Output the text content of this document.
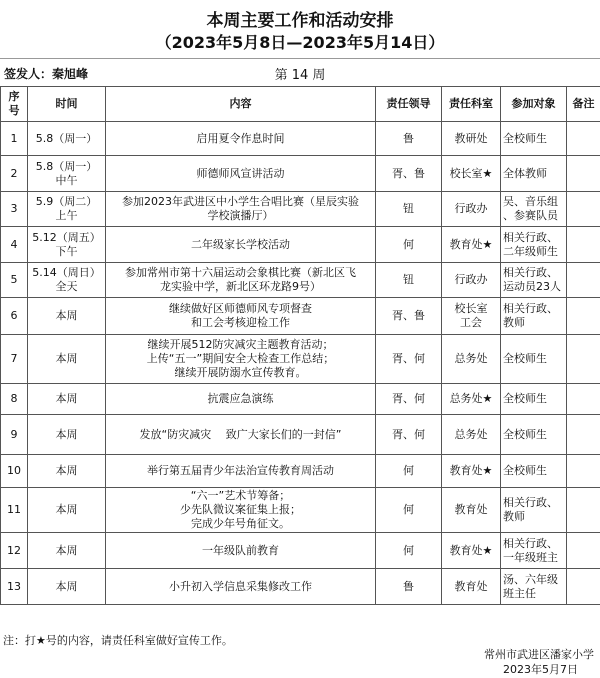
本周主要工作和活动安排
（2023年5月8日—2023年5月14日）
第 14 周
签发人：秦旭峰
序 号	时间	内容	责任领导	责任科室	参加对象	备注
1	5.8（周一）	启用夏令作息时间	鲁	教研处	全校师生	
2	5.8（周一）
中午	师德师风宣讲活动	胥、鲁	校长室★	全体教师	
3	5.9（周二）
上午	参加2023年武进区中小学生合唱比赛（星辰实验
学校演播厅）	钮	行政办	吴、音乐组
、参赛队员	
4	5.12（周五）
下午	二年级家长学校活动	何	教育处★	相关行政、
二年级师生	
5	5.14（周日）
全天	参加常州市第十六届运动会象棋比赛（新北区飞
龙实验中学，新北区环龙路9号）	钮	行政办	相关行政、
运动员23人	
6	本周	继续做好区师德师风专项督查
和工会考核迎检工作	胥、鲁	校长室
工会	相关行政、
教师	
7	本周	继续开展512防灾减灾主题教育活动；
上传“五一”期间安全大检查工作总结；
继续开展防溺水宣传教育。	胥、何	总务处	全校师生	
8	本周	抗震应急演练	胥、何	总务处★	全校师生	
9	本周	发放“防灾减灾　 致广大家长们的一封信”	胥、何	总务处	全校师生	
10	本周	举行第五届青少年法治宣传教育周活动	何	教育处★	全校师生	
11	本周	“六一”艺术节筹备；
少先队微议案征集上报；
完成少年号角征文。	何	教育处	相关行政、
教师	
12	本周	一年级队前教育	何	教育处★	相关行政、
一年级班主	
13	本周	小升初入学信息采集修改工作	鲁	教育处	汤、六年级
班主任	
注：打★号的内容，请责任科室做好宣传工作。
常州市武进区潘家小学
2023年5月7日
